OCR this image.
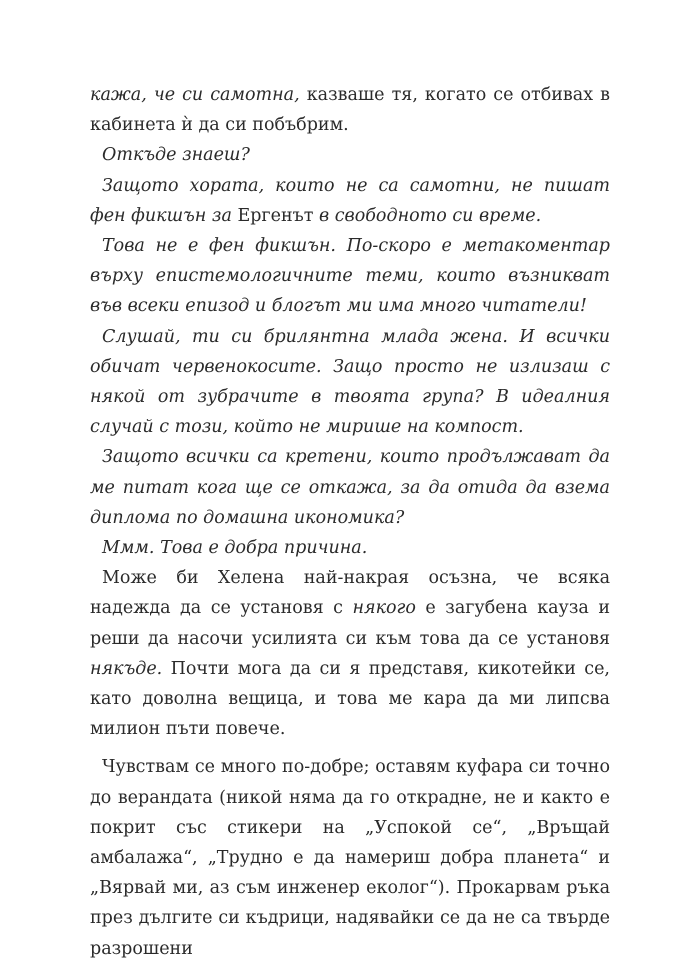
кажа, че си самотна, казваше тя, когато се отбивах в кабинета ѝ да си побъбрим.

Откъде знаеш?

Защото хората, които не са самотни, не пишат фен фикшън за Ергенът в свободното си време.

Това не е фен фикшън. По-скоро е метакоментар върху епистемологичните теми, които възникват във всеки епизод и блогът ми има много читатели!

Слушай, ти си брилянтна млада жена. И всички обичат червенокосите. Защо просто не излизаш с някой от зубрачите в твоята група? В идеалния случай с този, който не мирише на компост.

Защото всички са кретени, които продължават да ме питат кога ще се откажа, за да отида да взема диплома по домашна икономика?

Ммм. Това е добра причина.

Може би Хелена най-накрая осъзна, че всяка надежда да се установя с някого е загубена кауза и реши да насочи усилията си към това да се установя някъде. Почти мога да си я представя, кикотейки се, като доволна вещица, и това ме кара да ми липсва милион пъти повече.

Чувствам се много по-добре; оставям куфара си точно до верандата (никой няма да го открадне, не и както е покрит със стикери на „Успокой се“, „Връщай амбалажа“, „Трудно е да намериш добра планета“ и „Вярвай ми, аз съм инженер еколог“). Прокарвам ръка през дългите си къдрици, надявайки се да не са твърде разрошени
